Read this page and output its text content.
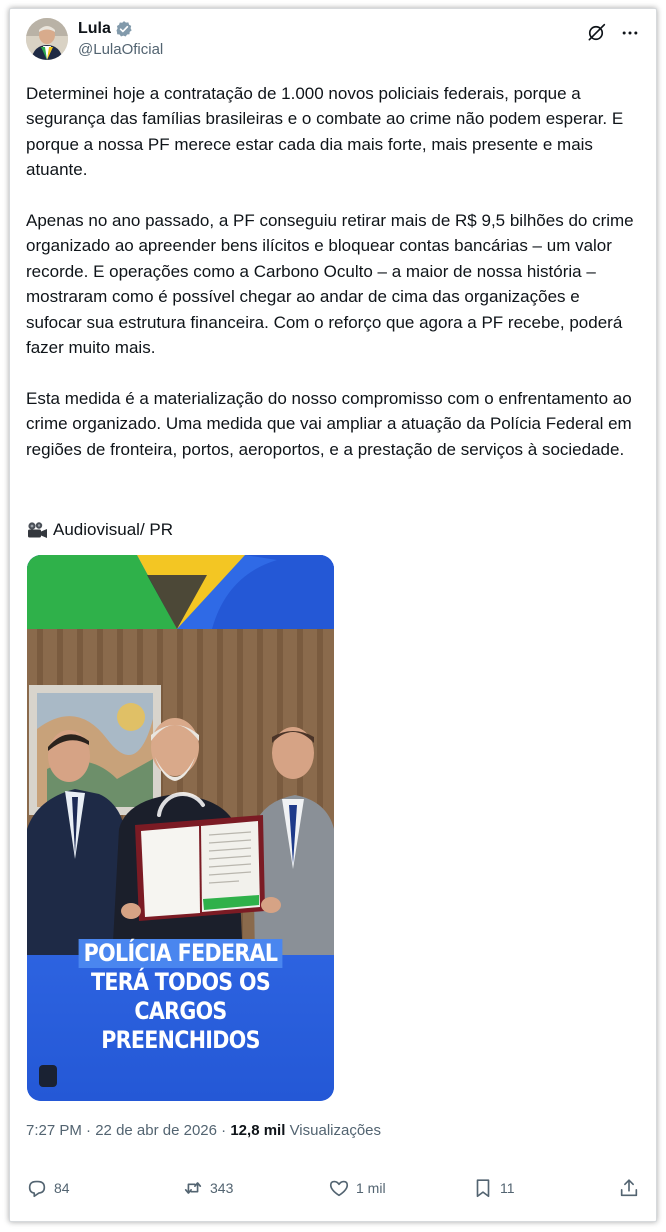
Lula
@LulaOficial

Determinei hoje a contratação de 1.000 novos policiais federais, porque a segurança das famílias brasileiras e o combate ao crime não podem esperar. E porque a nossa PF merece estar cada dia mais forte, mais presente e mais atuante.

Apenas no ano passado, a PF conseguiu retirar mais de R$ 9,5 bilhões do crime organizado ao apreender bens ilícitos e bloquear contas bancárias – um valor recorde. E operações como a Carbono Oculto – a maior de nossa história – mostraram como é possível chegar ao andar de cima das organizações e sufocar sua estrutura financeira. Com o reforço que agora a PF recebe, poderá fazer muito mais.

Esta medida é a materialização do nosso compromisso com o enfrentamento ao crime organizado. Uma medida que vai ampliar a atuação da Polícia Federal em regiões de fronteira, portos, aeroportos, e a prestação de serviços à sociedade.

Audiovisual/ PR
POLÍCIA FEDERAL
TERÁ TODOS OS CARGOS
PREENCHIDOS
7:27 PM · 22 de abr de 2026 · 12,8 mil Visualizações
84	343	1 mil	11
